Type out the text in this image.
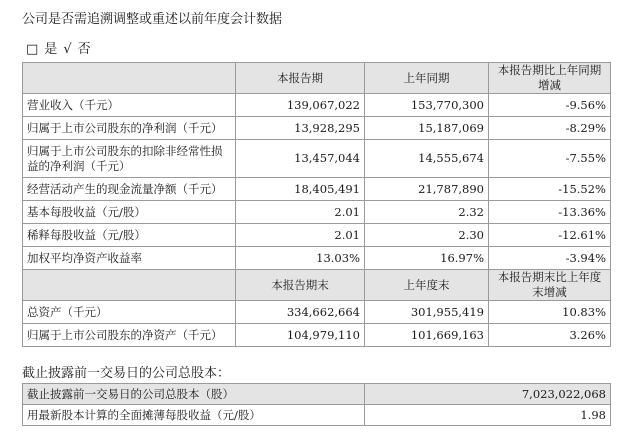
公司是否需追溯调整或重述以前年度会计数据
□ 是 √ 否
	本报告期	上年同期	本报告期比上年同期增减
营业收入（千元）	139,067,022	153,770,300	-9.56%
归属于上市公司股东的净利润（千元）	13,928,295	15,187,069	-8.29%
归属于上市公司股东的扣除非经常性损益的净利润（千元）	13,457,044	14,555,674	-7.55%
经营活动产生的现金流量净额（千元）	18,405,491	21,787,890	-15.52%
基本每股收益（元/股）	2.01	2.32	-13.36%
稀释每股收益（元/股）	2.01	2.30	-12.61%
加权平均净资产收益率	13.03%	16.97%	-3.94%
	本报告期末	上年度末	本报告期末比上年度末增减
总资产（千元）	334,662,664	301,955,419	10.83%
归属于上市公司股东的净资产（千元）	104,979,110	101,669,163	3.26%
截止披露前一交易日的公司总股本：
截止披露前一交易日的公司总股本（股）	7,023,022,068
用最新股本计算的全面摊薄每股收益（元/股）	1.98
